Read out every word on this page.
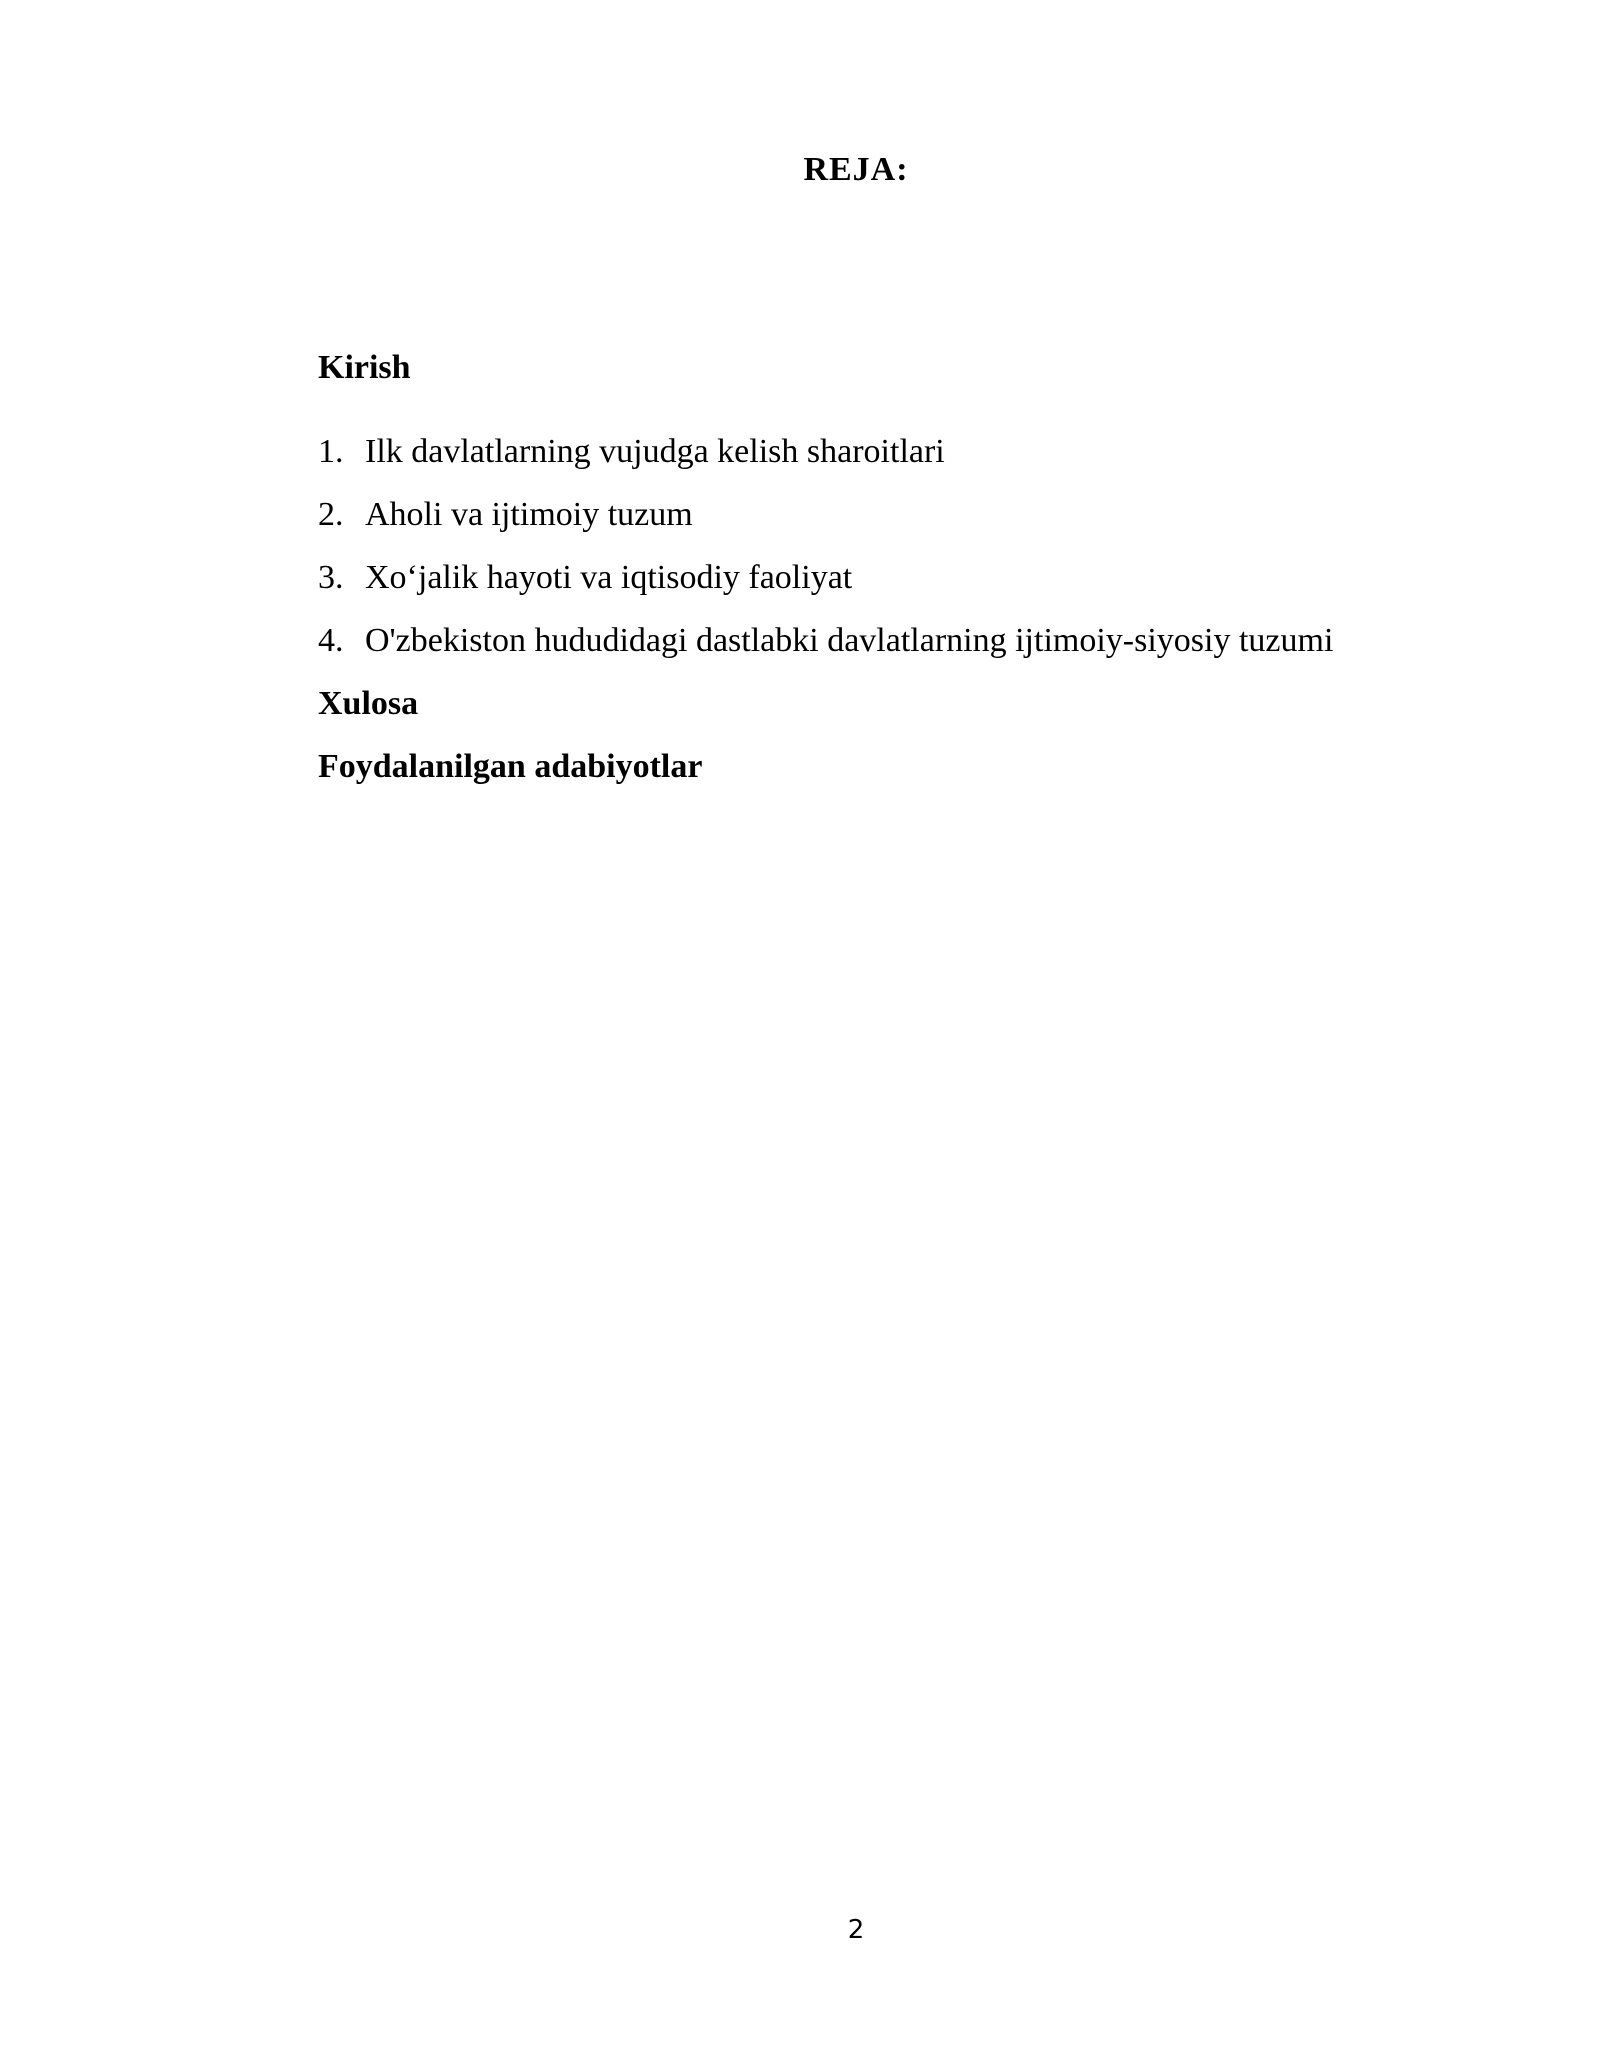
REJA:

Kirish

1. Ilk davlatlarning vujudga kelish sharoitlari
2. Aholi va ijtimoiy tuzum
3. Xo‘jalik hayoti va iqtisodiy faoliyat
4. O'zbekiston hududidagi dastlabki davlatlarning ijtimoiy-siyosiy tuzumi

Xulosa

Foydalanilgan adabiyotlar

2
